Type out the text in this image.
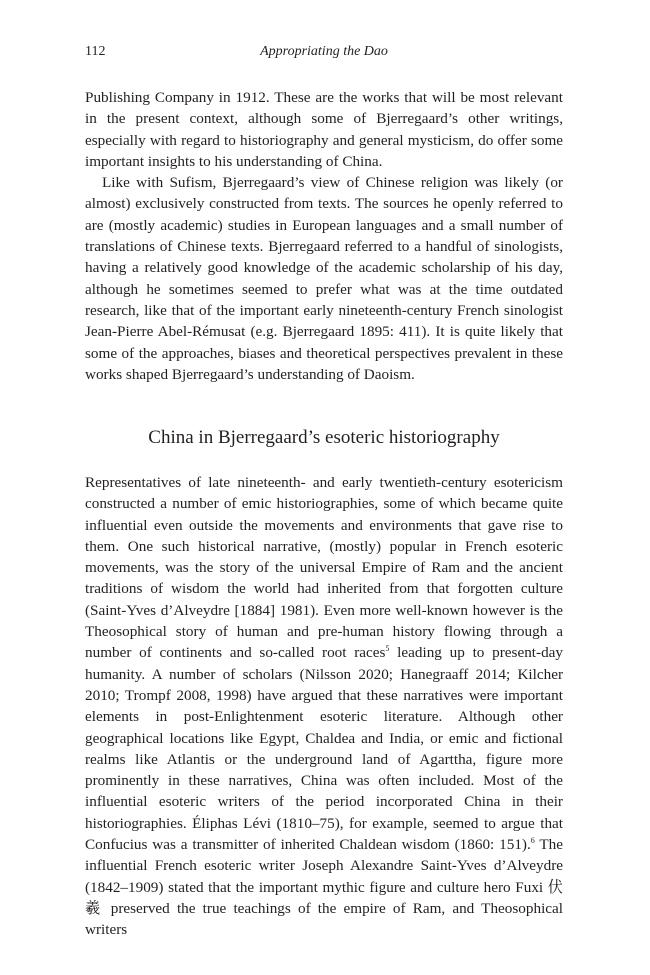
112	Appropriating the Dao

Publishing Company in 1912. These are the works that will be most relevant in the present context, although some of Bjerregaard’s other writings, especially with regard to historiography and general mysticism, do offer some important insights to his understanding of China.

Like with Sufism, Bjerregaard’s view of Chinese religion was likely (or almost) exclusively constructed from texts. The sources he openly referred to are (mostly academic) studies in European languages and a small number of translations of Chinese texts. Bjerregaard referred to a handful of sinologists, having a relatively good knowledge of the academic scholarship of his day, although he sometimes seemed to prefer what was at the time outdated research, like that of the important early nineteenth-century French sinologist Jean-Pierre Abel-Rémusat (e.g. Bjerregaard 1895: 411). It is quite likely that some of the approaches, biases and theoretical perspectives prevalent in these works shaped Bjerregaard’s understanding of Daoism.

China in Bjerregaard’s esoteric historiography

Representatives of late nineteenth- and early twentieth-century esotericism constructed a number of emic historiographies, some of which became quite influential even outside the movements and environments that gave rise to them. One such historical narrative, (mostly) popular in French esoteric movements, was the story of the universal Empire of Ram and the ancient traditions of wisdom the world had inherited from that forgotten culture (Saint-Yves d’Alveydre [1884] 1981). Even more well-known however is the Theosophical story of human and pre-human history flowing through a number of continents and so-called root races$^5$ leading up to present-day humanity. A number of scholars (Nilsson 2020; Hanegraaff 2014; Kilcher 2010; Trompf 2008, 1998) have argued that these narratives were important elements in post-Enlightenment esoteric literature. Although other geographical locations like Egypt, Chaldea and India, or emic and fictional realms like Atlantis or the underground land of Agarttha, figure more prominently in these narratives, China was often included. Most of the influential esoteric writers of the period incorporated China in their historiographies. Éliphas Lévi (1810–75), for example, seemed to argue that Confucius was a transmitter of inherited Chaldean wisdom (1860: 151).$^6$ The influential French esoteric writer Joseph Alexandre Saint-Yves d’Alveydre (1842–1909) stated that the important mythic figure and culture hero Fuxi 伏羲 preserved the true teachings of the empire of Ram, and Theosophical writers
